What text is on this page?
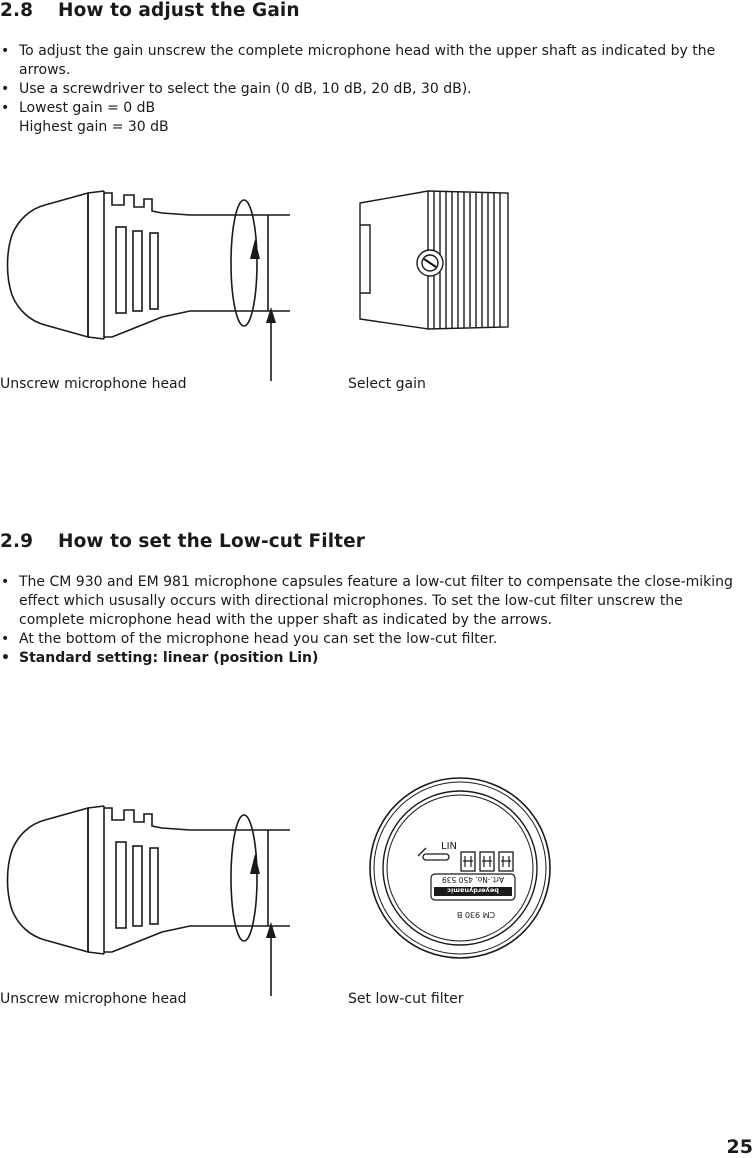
2.8 How to adjust the Gain
• To adjust the gain unscrew the complete microphone head with the upper shaft as indicated by the arrows.
• Use a screwdriver to select the gain (0 dB, 10 dB, 20 dB, 30 dB).
• Lowest gain = 0 dB
Highest gain = 30 dB

Unscrew microphone head	Select gain

2.9 How to set the Low-cut Filter
• The CM 930 and EM 981 microphone capsules feature a low-cut filter to compensate the close-miking effect which ususally occurs with directional microphones. To set the low-cut filter unscrew the complete microphone head with the upper shaft as indicated by the arrows.
• At the bottom of the microphone head you can set the low-cut filter.
• Standard setting: linear (position Lin)
LIN
beyerdynamic
Art.-No. 450 539
CM 930 B

Unscrew microphone head	Set low-cut filter

25
